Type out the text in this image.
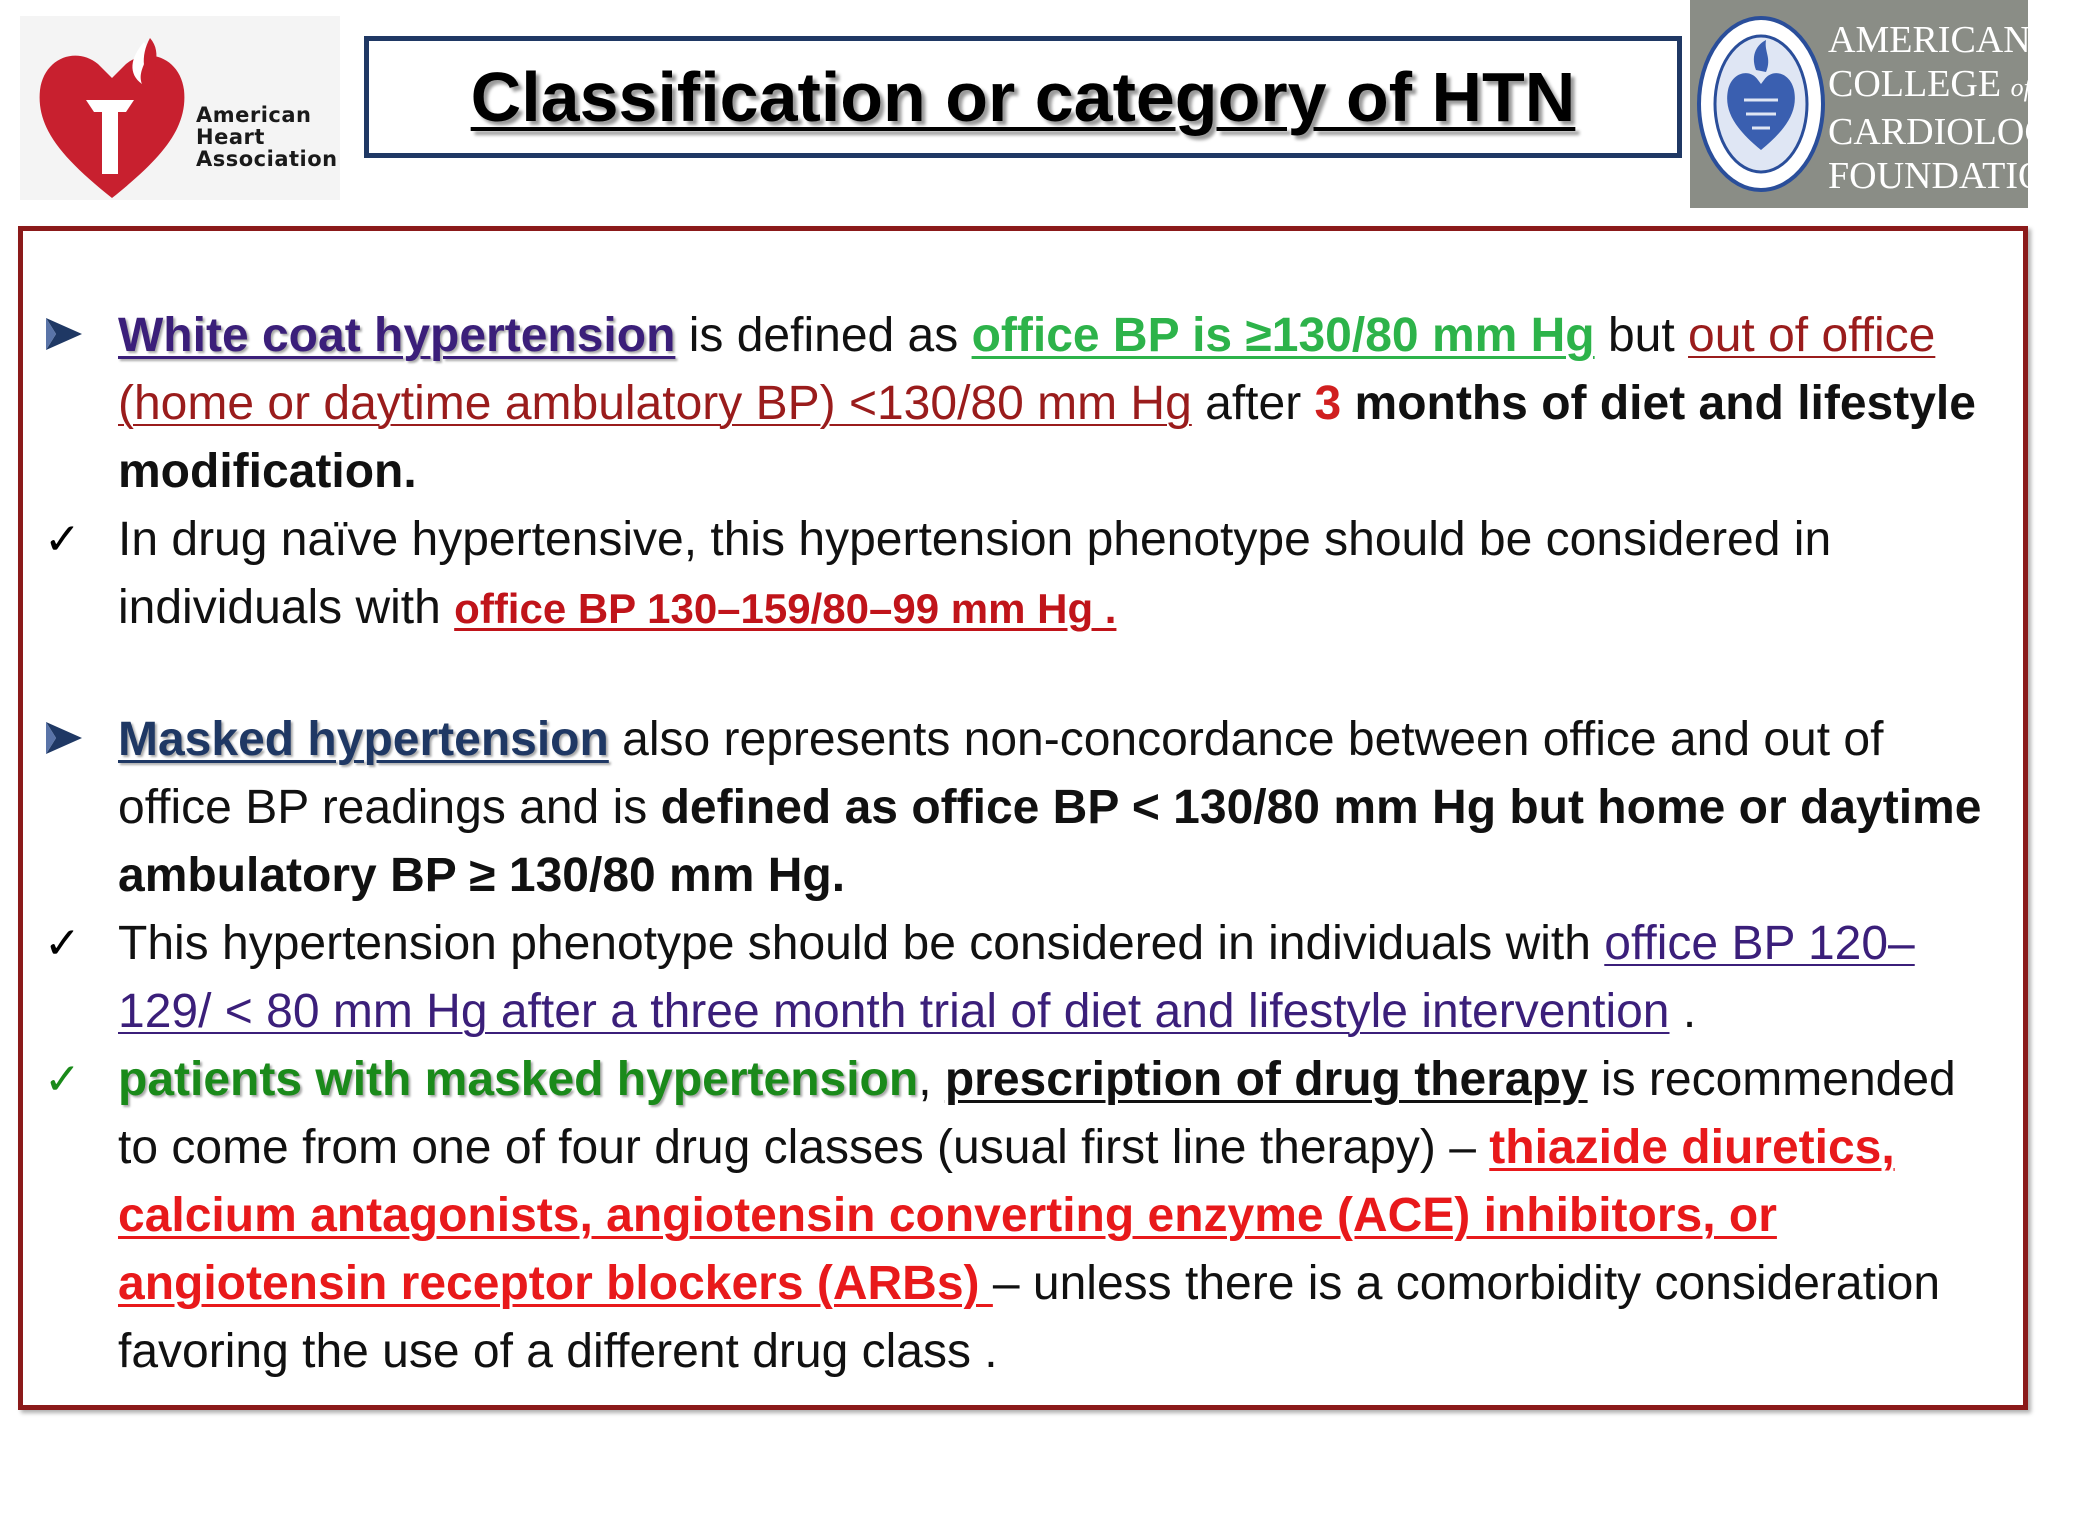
American
Heart
Association
Classification or category of HTN
AMERICAN
COLLEGE of
CARDIOLOGY
FOUNDATION
White coat hypertension is defined as office BP is ≥130/80 mm Hg but out of office (home or daytime ambulatory BP) <130/80 mm Hg after 3 months of diet and lifestyle modification.
✓ In drug naïve hypertensive, this hypertension phenotype should be considered in individuals with office BP 130–159/80–99 mm Hg .
Masked hypertension also represents non-concordance between office and out of office BP readings and is defined as office BP < 130/80 mm Hg but home or daytime ambulatory BP ≥ 130/80 mm Hg.
✓ This hypertension phenotype should be considered in individuals with office BP 120–129/ < 80 mm Hg after a three month trial of diet and lifestyle intervention .
✓ patients with masked hypertension, prescription of drug therapy is recommended to come from one of four drug classes (usual first line therapy) – thiazide diuretics, calcium antagonists, angiotensin converting enzyme (ACE) inhibitors, or angiotensin receptor blockers (ARBs) – unless there is a comorbidity consideration favoring the use of a different drug class .
